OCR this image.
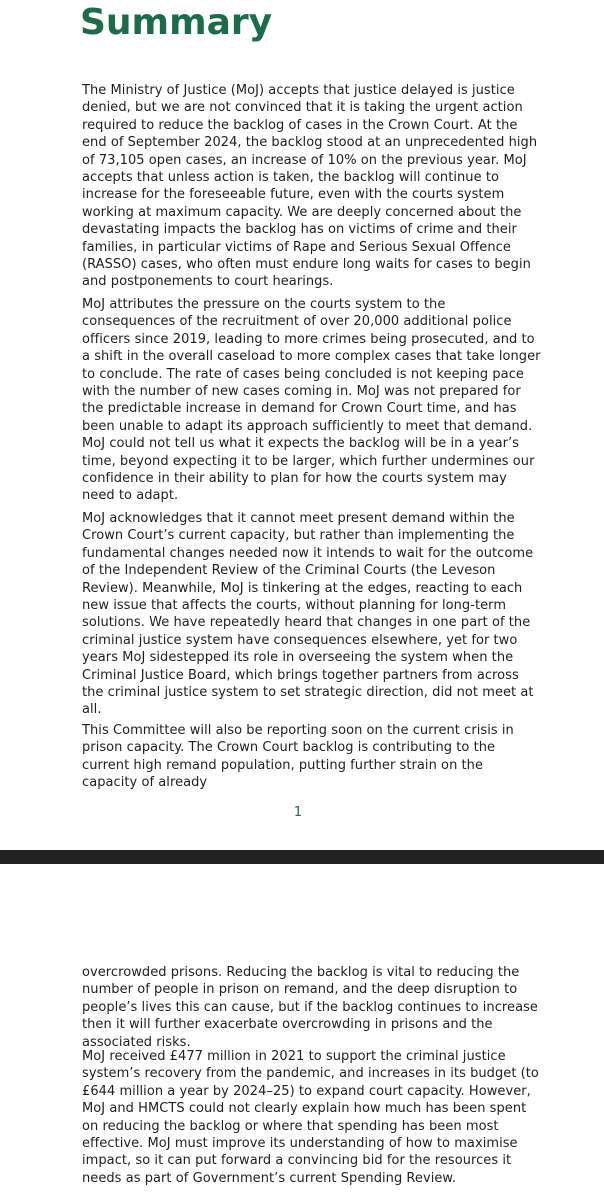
Summary

The Ministry of Justice (MoJ) accepts that justice delayed is justice denied, but we are not convinced that it is taking the urgent action required to reduce the backlog of cases in the Crown Court. At the end of September 2024, the backlog stood at an unprecedented high of 73,105 open cases, an increase of 10% on the previous year. MoJ accepts that unless action is taken, the backlog will continue to increase for the foreseeable future, even with the courts system working at maximum capacity. We are deeply concerned about the devastating impacts the backlog has on victims of crime and their families, in particular victims of Rape and Serious Sexual Offence (RASSO) cases, who often must endure long waits for cases to begin and postponements to court hearings.

MoJ attributes the pressure on the courts system to the consequences of the recruitment of over 20,000 additional police officers since 2019, leading to more crimes being prosecuted, and to a shift in the overall caseload to more complex cases that take longer to conclude. The rate of cases being concluded is not keeping pace with the number of new cases coming in. MoJ was not prepared for the predictable increase in demand for Crown Court time, and has been unable to adapt its approach sufficiently to meet that demand. MoJ could not tell us what it expects the backlog will be in a year’s time, beyond expecting it to be larger, which further undermines our confidence in their ability to plan for how the courts system may need to adapt.

MoJ acknowledges that it cannot meet present demand within the Crown Court’s current capacity, but rather than implementing the fundamental changes needed now it intends to wait for the outcome of the Independent Review of the Criminal Courts (the Leveson Review). Meanwhile, MoJ is tinkering at the edges, reacting to each new issue that affects the courts, without planning for long-term solutions. We have repeatedly heard that changes in one part of the criminal justice system have consequences elsewhere, yet for two years MoJ sidestepped its role in overseeing the system when the Criminal Justice Board, which brings together partners from across the criminal justice system to set strategic direction, did not meet at all.

This Committee will also be reporting soon on the current crisis in prison capacity. The Crown Court backlog is contributing to the current high remand population, putting further strain on the capacity of already

1

overcrowded prisons. Reducing the backlog is vital to reducing the number of people in prison on remand, and the deep disruption to people’s lives this can cause, but if the backlog continues to increase then it will further exacerbate overcrowding in prisons and the associated risks.

MoJ received £477 million in 2021 to support the criminal justice system’s recovery from the pandemic, and increases in its budget (to £644 million a year by 2024–25) to expand court capacity. However, MoJ and HMCTS could not clearly explain how much has been spent on reducing the backlog or where that spending has been most effective. MoJ must improve its understanding of how to maximise impact, so it can put forward a convincing bid for the resources it needs as part of Government’s current Spending Review.
